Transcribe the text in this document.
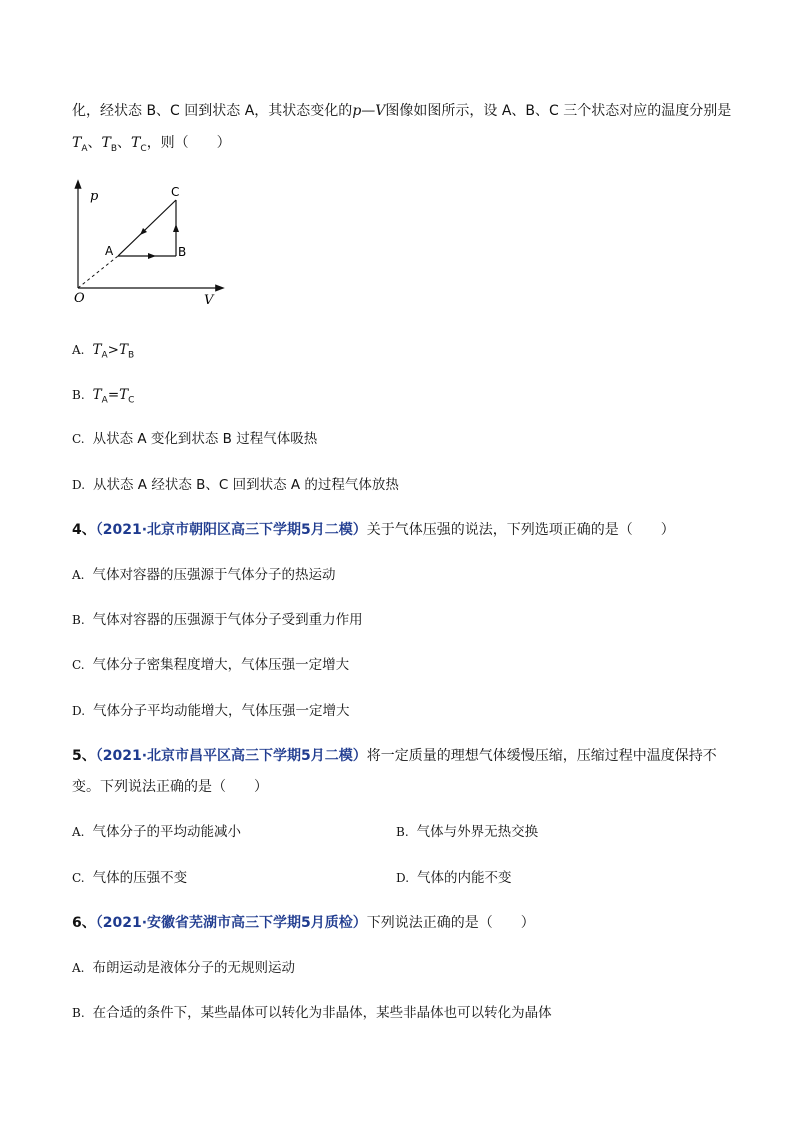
化，经状态 B、C 回到状态 A，其状态变化的p—V图像如图所示，设 A、B、C 三个状态对应的温度分别是
$T_A$、$T_B$、$T_C$，则（　　）
p
V
O
A	B
C
A. $T_A>T_B$
B. $T_A=T_C$
C. 从状态 A 变化到状态 B 过程气体吸热
D. 从状态 A 经状态 B、C 回到状态 A 的过程气体放热
4、（2021·北京市朝阳区高三下学期5月二模）关于气体压强的说法，下列选项正确的是（　　）
A. 气体对容器的压强源于气体分子的热运动
B. 气体对容器的压强源于气体分子受到重力作用
C. 气体分子密集程度增大，气体压强一定增大
D. 气体分子平均动能增大，气体压强一定增大
5、（2021·北京市昌平区高三下学期5月二模）将一定质量的理想气体缓慢压缩，压缩过程中温度保持不
变。下列说法正确的是（　　）
A. 气体分子的平均动能减小	B. 气体与外界无热交换
C. 气体的压强不变	D. 气体的内能不变
6、（2021·安徽省芜湖市高三下学期5月质检）下列说法正确的是（　　）
A. 布朗运动是液体分子的无规则运动
B. 在合适的条件下，某些晶体可以转化为非晶体，某些非晶体也可以转化为晶体
